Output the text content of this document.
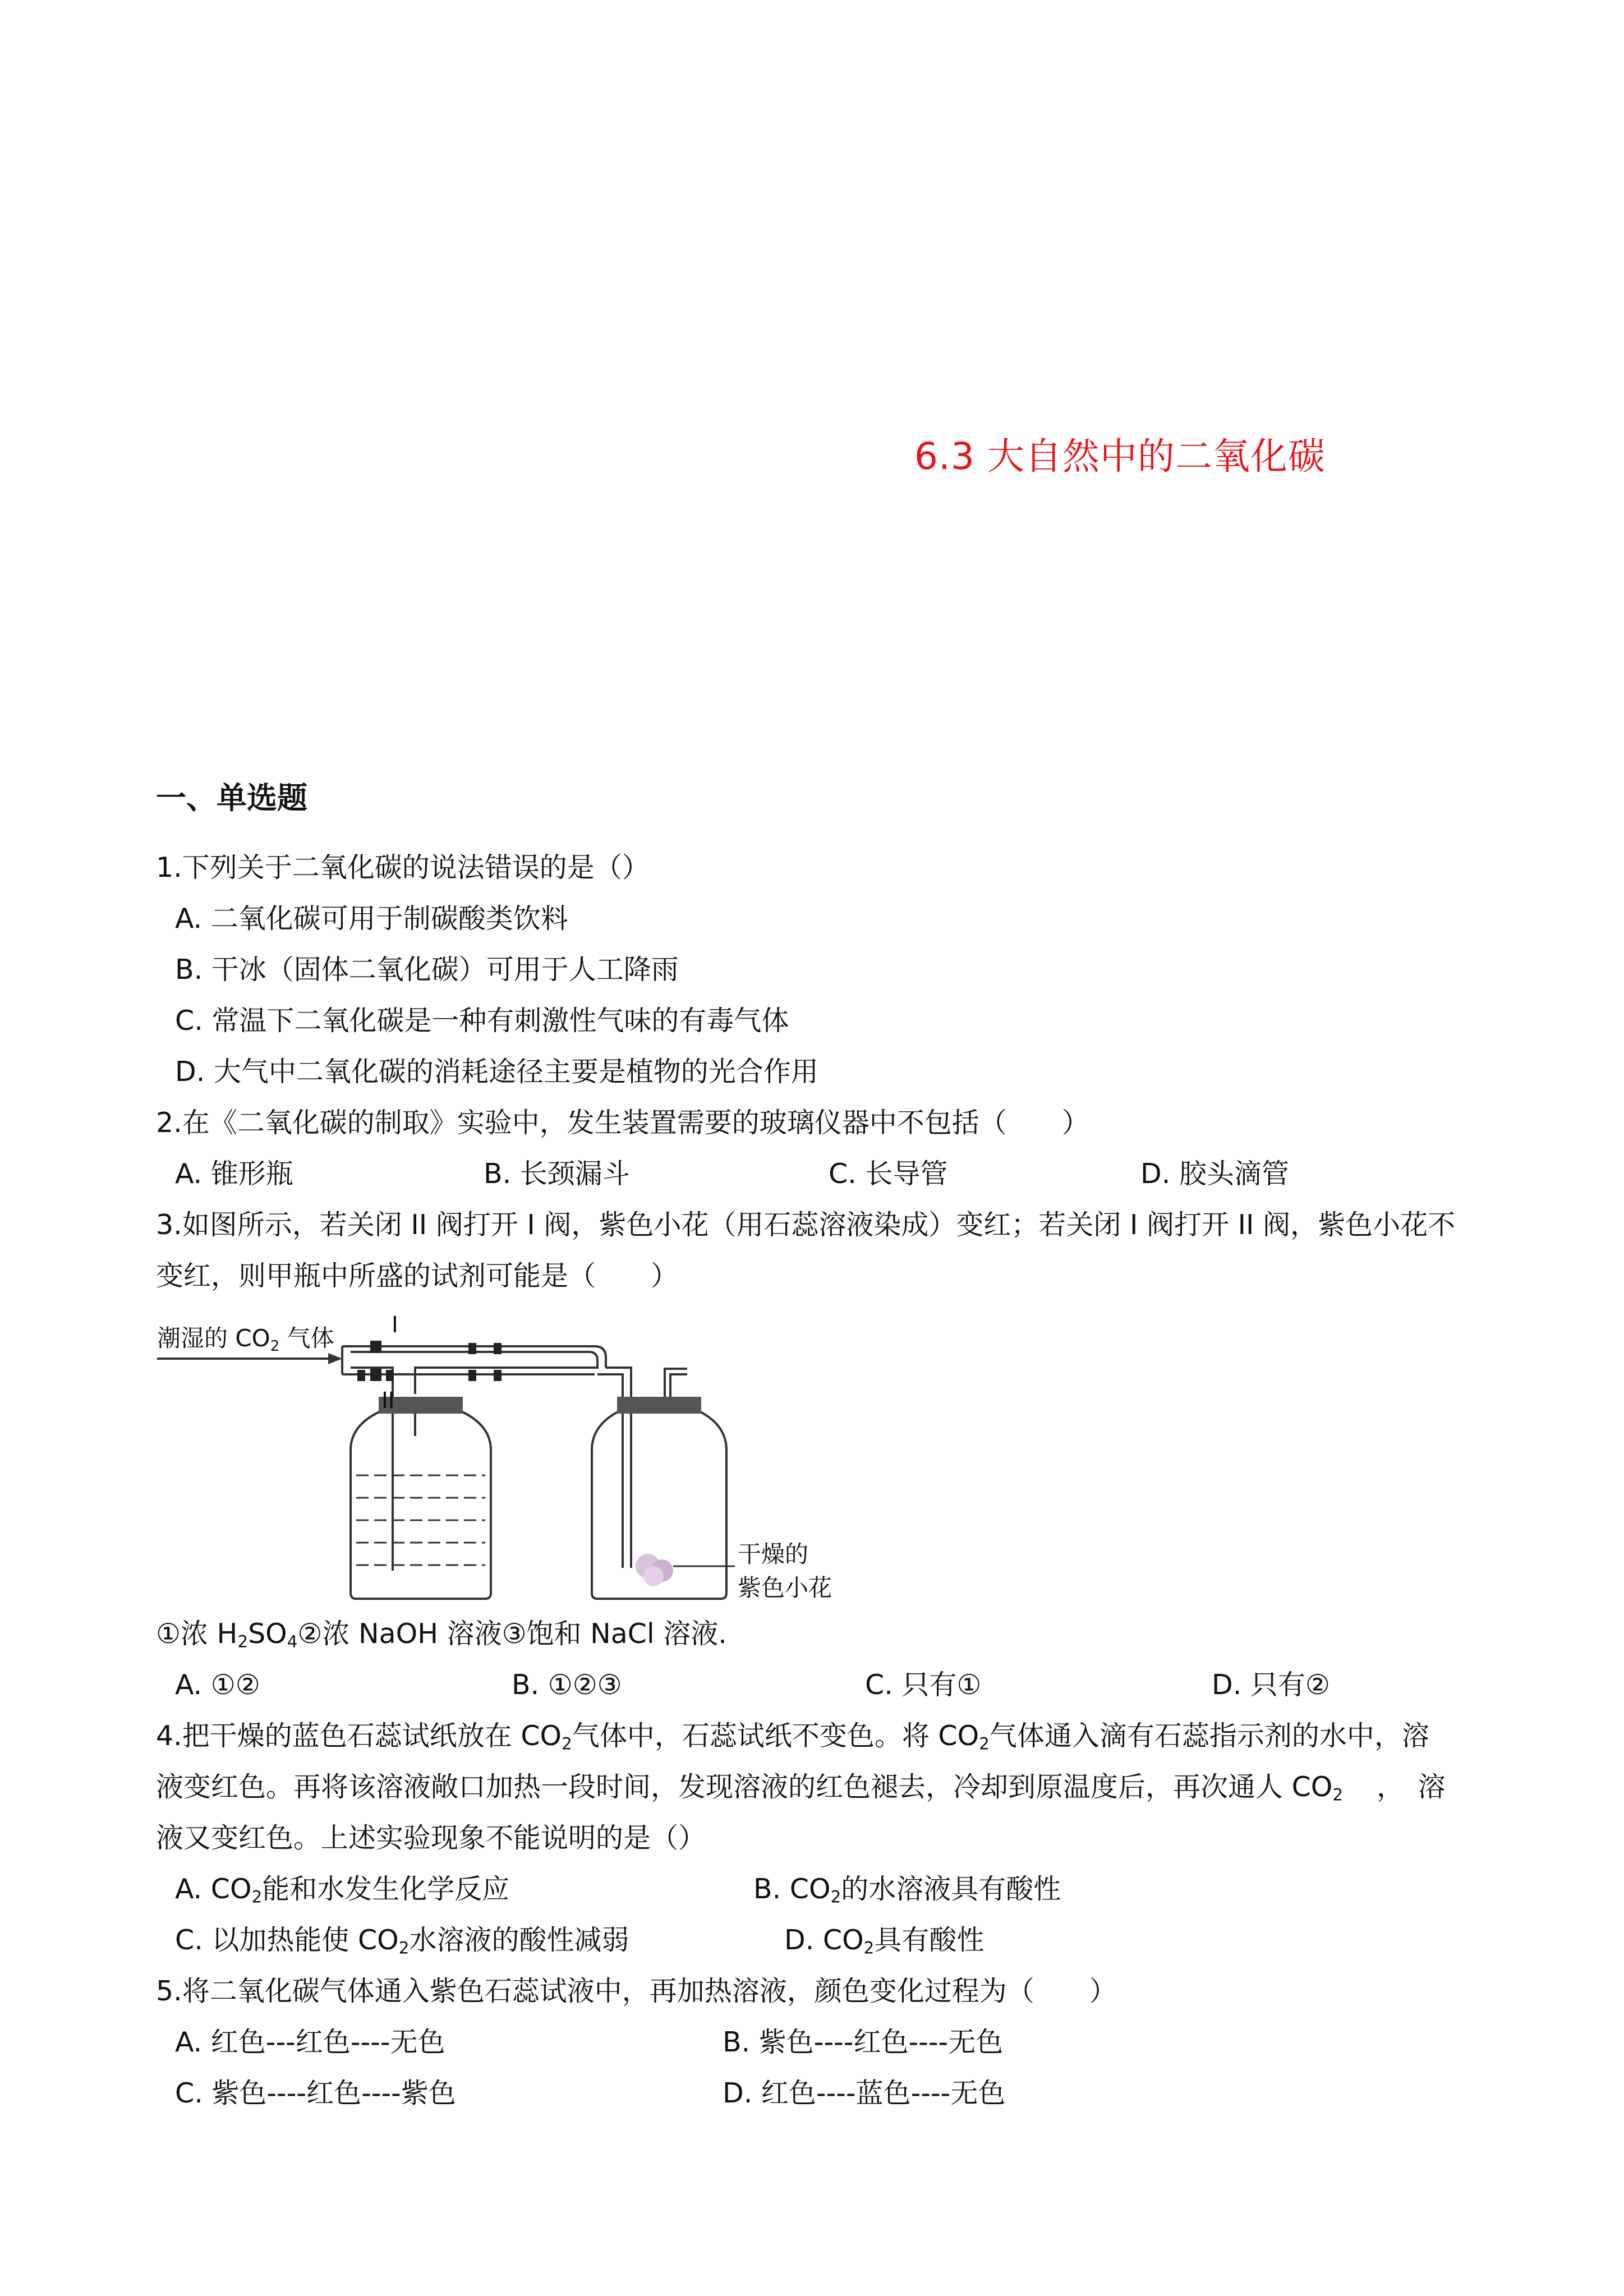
6.3 大自然中的二氧化碳
一、单选题
1.下列关于二氧化碳的说法错误的是（）
A. 二氧化碳可用于制碳酸类饮料
B. 干冰（固体二氧化碳）可用于人工降雨
C. 常温下二氧化碳是一种有刺激性气味的有毒气体
D. 大气中二氧化碳的消耗途径主要是植物的光合作用
2.在《二氧化碳的制取》实验中，发生装置需要的玻璃仪器中不包括（　　）
A. 锥形瓶	B. 长颈漏斗	C. 长导管	D. 胶头滴管
3.如图所示，若关闭 II 阀打开 I 阀，紫色小花（用石蕊溶液染成）变红；若关闭 I 阀打开 II 阀，紫色小花不
变红，则甲瓶中所盛的试剂可能是（　　）
潮湿的 CO2 气体	I
II
干燥的
紫色小花
①浓 $H_2SO_4②$浓 NaOH 溶液③饱和 NaCl 溶液.
A. ①②	B. ①②③	C. 只有①	D. 只有②
4.把干燥的蓝色石蕊试纸放在 $CO_2$气体中，石蕊试纸不变色。将 $CO_2$气体通入滴有石蕊指示剂的水中，溶
液变红色。再将该溶液敞口加热一段时间，发现溶液的红色褪去，冷却到原温度后，再次通人 $CO_2$ ，　溶
液又变红色。上述实验现象不能说明的是（）
A. $CO_2$能和水发生化学反应	B. $CO_2$的水溶液具有酸性
C. 以加热能使 $CO_2$水溶液的酸性减弱	D. $CO_2$具有酸性
5.将二氧化碳气体通入紫色石蕊试液中，再加热溶液，颜色变化过程为（　　）
A. 红色---红色----无色	B. 紫色----红色----无色
C. 紫色----红色----紫色	D. 红色----蓝色----无色
